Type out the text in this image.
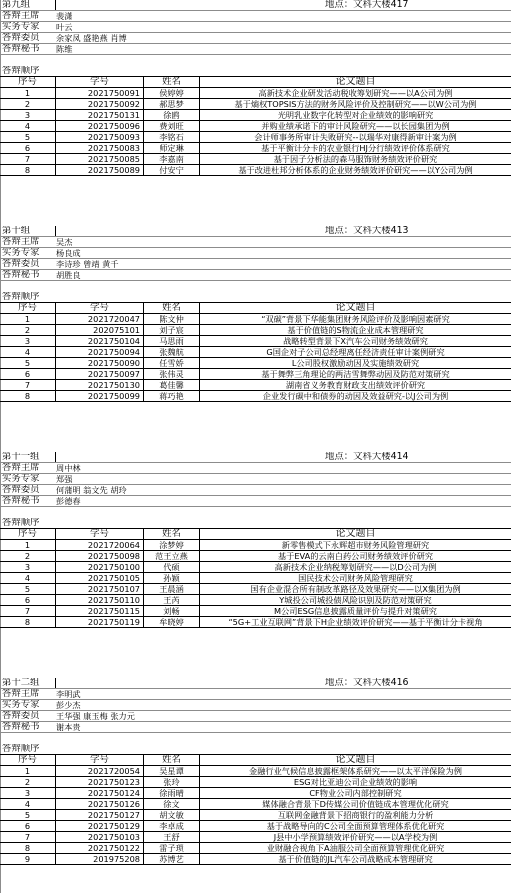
第九组	地点：文科大楼417
答辩主席	裴潇
实务专家	叶云
答辩委员	余家凤 盛艳燕 肖博
答辩秘书	陈维
答辩顺序
序号	学号	姓名	论文题目
1	2021750091	侯婷婷	高新技术企业研发活动税收筹划研究——以A公司为例
2	2021750092	郝思梦	基于熵权TOPSIS方法的财务风险评价及控制研究——以W公司为例
3	2021750131	徐鸥	光明乳业数字化转型对企业绩效的影响研究
4	2021750096	费刘旺	并购业绩承诺下的审计风险研究——以长园集团为例
5	2021750093	李铭石	会计师事务所审计失败研究--以瑞华对康得新审计案为例
6	2021750083	师定琳	基于平衡计分卡的农业银行HJ分行绩效评价体系研究
7	2021750085	李嘉南	基于因子分析法的森马服饰财务绩效评价研究
8	2021750089	付安宁	基于改进杜邦分析体系的企业财务绩效评价研究——以Y公司为例
第十组	地点：文科大楼413
答辩主席	吴杰
实务专家	杨良成
答辩委员	李诗珍 曾靖 黄千
答辩秘书	胡胜良
答辩顺序
序号	学号	姓名	论文题目
1	2021720047	陈文仲	“双碳”背景下华能集团财务风险评价及影响因素研究
2	202075101	刘子宸	基于价值链的S物流企业成本管理研究
3	2021750104	马思雨	战略转型背景下X汽车公司财务绩效研究
4	2021750094	张魏航	G国企对子公司总经理离任经济责任审计案例研究
5	2021750090	任雪娇	L公司股权激励动因及实施绩效研究
6	2021750097	张伟灵	基于舞弊三角理论的两洁雪舞弊动因及防范对策研究
7	2021750130	葛佳馨	湖南省义务教育财政支出绩效评价研究
8	2021750099	蒋巧艳	企业发行碳中和债券的动因及效益研究-以J公司为例
第十一组	地点：文科大楼414
答辩主席	周中林
实务专家	郑强
答辩委员	何蒲明 翁文先 胡玲
答辩秘书	彭德春
答辩顺序
序号	学号	姓名	论文题目
1	2021720064	涂梦婷	新零售模式下永辉超市财务风险管理研究
2	2021750098	范王立燕	基于EVA的云南白药公司财务绩效评价研究
3	2021750100	代硕	高新技术企业纳税筹划研究——以D公司为例
4	2021750105	孙颖	国民技术公司财务风险管理研究
5	2021750107	王晨涵	国有企业混合所有制改革路径及效果研究——以X集团为例
6	2021750110	王芮	Y城投公司城投债风险识别及防范对策研究
7	2021750115	刘畅	M公司ESG信息披露质量评价与提升对策研究
8	2021750119	牟晓婷	“5G+工业互联网”背景下H企业绩效评价研究——基于平衡计分卡视角
第十二组	地点：文科大楼416
答辩主席	李明武
实务专家	彭少杰
答辩委员	王华强 康玉梅 张力元
答辩秘书	谢本贵
答辩顺序
序号	学号	姓名	论文题目
1	2021720054	吴星谭	金融行业气候信息披露框架体系研究——以太平洋保险为例
2	2021750123	张玲	ESG对比亚迪公司企业绩效的影响
3	2021750124	徐雨晴	CF物业公司内部控制研究
4	2021750126	徐文	媒体融合背景下D传媒公司价值链成本管理优化研究
5	2021750127	胡文敏	互联网金融背景下招商银行的盈利能力分析
6	2021750129	李卓成	基于战略导向的C公司全面预算管理体系优化研究
7	2021750103	王舒	J县中小学预算绩效评价研究——以A学校为例
8	2021750122	雷子琐	业财融合视角下A油服公司全面预算管理优化研究
9	201975208	苏博艺	基于价值链的JL汽车公司战略成本管理研究
